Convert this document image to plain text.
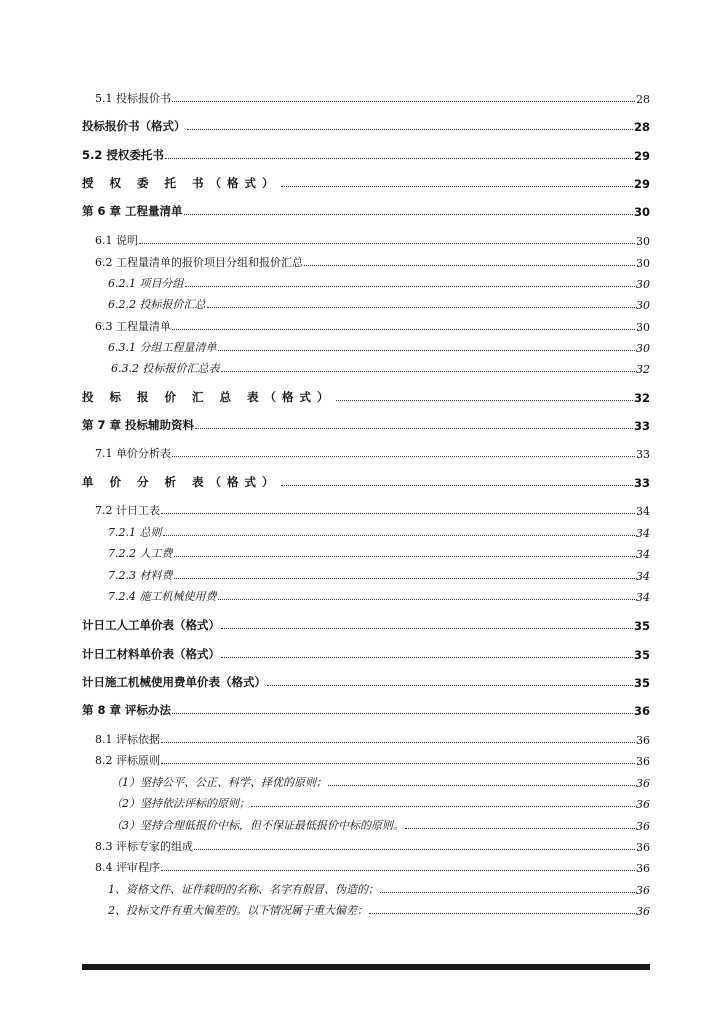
5.1 投标报价书	28
投标报价书（格式）	28
5.2 授权委托书	29
授 权 委 托 书（格式）	29
第 6 章 工程量清单	30
6.1 说明	30
6.2 工程量清单的报价项目分组和报价汇总	30
6.2.1 项目分组	30
6.2.2 投标报价汇总	30
6.3 工程量清单	30
6.3.1 分组工程量清单	30
6.3.2 投标报价汇总表	32
投 标 报 价 汇 总 表（格式）	32
第 7 章 投标辅助资料	33
7.1 单价分析表	33
单 价 分 析 表（格式）	33
7.2 计日工表	34
7.2.1 总则	34
7.2.2 人工费	34
7.2.3 材料费	34
7.2.4 施工机械使用费	34
计日工人工单价表（格式）	35
计日工材料单价表（格式）	35
计日施工机械使用费单价表（格式）	35
第 8 章 评标办法	36
8.1 评标依据	36
8.2 评标原则	36
（1）坚持公平、公正、科学、择优的原则；	36
（2）坚持依法评标的原则；	36
（3）坚持合理低报价中标，但不保证最低报价中标的原则。	36
8.3 评标专家的组成	36
8.4 评审程序	36
1、资格文件、证件载明的名称、名字有假冒、伪造的；	36
2、投标文件有重大偏差的。以下情况属于重大偏差：	36
